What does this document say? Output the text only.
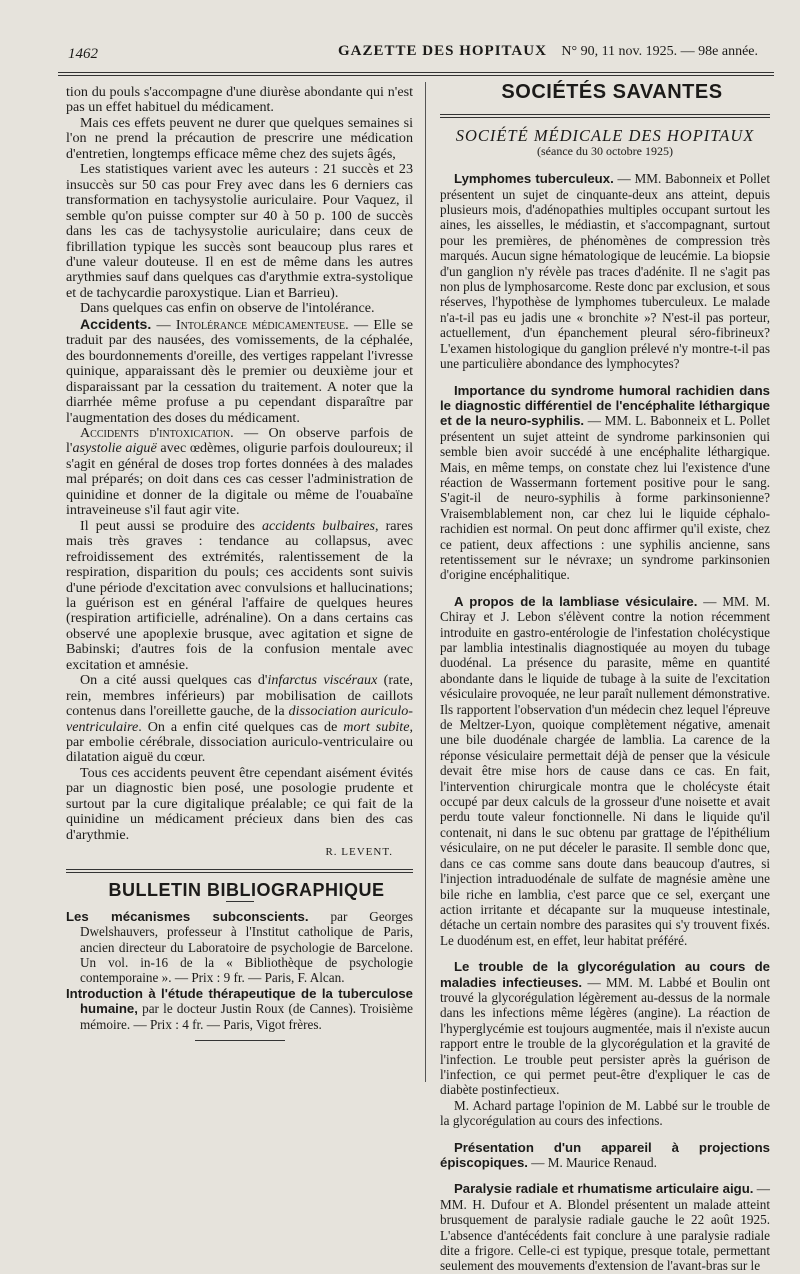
1462	GAZETTE DES HOPITAUX N° 90, 11 nov. 1925. — 98e année.

tion du pouls s'accompagne d'une diurèse abondante qui n'est pas un effet habituel du médicament.

Mais ces effets peuvent ne durer que quelques semaines si l'on ne prend la précaution de prescrire une médication d'entretien, longtemps efficace même chez des sujets âgés,

Les statistiques varient avec les auteurs : 21 succès et 23 insuccès sur 50 cas pour Frey avec dans les 6 derniers cas transformation en tachysystolie auriculaire. Pour Vaquez, il semble qu'on puisse compter sur 40 à 50 p. 100 de succès dans les cas de tachysystolie auriculaire; dans ceux de fibrillation typique les succès sont beaucoup plus rares et d'une valeur douteuse. Il en est de même dans les autres arythmies sauf dans quelques cas d'arythmie extra-systolique et de tachycardie paroxystique. Lian et Barrieu).

Dans quelques cas enfin on observe de l'intolérance.

Accidents. — Intolérance médicamenteuse. — Elle se traduit par des nausées, des vomissements, de la céphalée, des bourdonnements d'oreille, des vertiges rappelant l'ivresse quinique, apparaissant dès le premier ou deuxième jour et disparaissant par la cessation du traitement. A noter que la diarrhée même profuse a pu cependant disparaître par l'augmentation des doses du médicament.

Accidents d'intoxication. — On observe parfois de l'asystolie aiguë avec œdèmes, oligurie parfois douloureux; il s'agit en général de doses trop fortes données à des malades mal préparés; on doit dans ces cas cesser l'administration de quinidine et donner de la digitale ou même de l'ouabaïne intraveineuse s'il faut agir vite.

Il peut aussi se produire des accidents bulbaires, rares mais très graves : tendance au collapsus, avec refroidissement des extrémités, ralentissement de la respiration, disparition du pouls; ces accidents sont suivis d'une période d'excitation avec convulsions et hallucinations; la guérison est en général l'affaire de quelques heures (respiration artificielle, adrénaline). On a dans certains cas observé une apoplexie brusque, avec agitation et signe de Babinski; d'autres fois de la confusion mentale avec excitation et amnésie.

On a cité aussi quelques cas d'infarctus viscéraux (rate, rein, membres inférieurs) par mobilisation de caillots contenus dans l'oreillette gauche, de la dissociation auriculo-ventriculaire. On a enfin cité quelques cas de mort subite, par embolie cérébrale, dissociation auriculo-ventriculaire ou dilatation aiguë du cœur.

Tous ces accidents peuvent être cependant aisément évités par un diagnostic bien posé, une posologie prudente et surtout par la cure digitalique préalable; ce qui fait de la quinidine un médicament précieux dans bien des cas d'arythmie.

R. LEVENT.

BULLETIN BIBLIOGRAPHIQUE

Les mécanismes subconscients. par Georges Dwelshauvers, professeur à l'Institut catholique de Paris, ancien directeur du Laboratoire de psychologie de Barcelone. Un vol. in-16 de la « Bibliothèque de psychologie contemporaine ». — Prix : 9 fr. — Paris, F. Alcan.

Introduction à l'étude thérapeutique de la tuberculose humaine, par le docteur Justin Roux (de Cannes). Troisième mémoire. — Prix : 4 fr. — Paris, Vigot frères.

SOCIÉTÉS SAVANTES

SOCIÉTÉ MÉDICALE DES HOPITAUX

(séance du 30 octobre 1925)

Lymphomes tuberculeux. — MM. Babonneix et Pollet présentent un sujet de cinquante-deux ans atteint, depuis plusieurs mois, d'adénopathies multiples occupant surtout les aines, les aisselles, le médiastin, et s'accompagnant, surtout pour les premières, de phénomènes de compression très marqués. Aucun signe hématologique de leucémie. La biopsie d'un ganglion n'y révèle pas traces d'adénite. Il ne s'agit pas non plus de lymphosarcome. Reste donc par exclusion, et sous réserves, l'hypothèse de lymphomes tuberculeux. Le malade n'a-t-il pas eu jadis une « bronchite »? N'est-il pas porteur, actuellement, d'un épanchement pleural séro-fibrineux? L'examen histologique du ganglion prélevé n'y montre-t-il pas une particulière abondance des lymphocytes?

Importance du syndrome humoral rachidien dans le diagnostic différentiel de l'encéphalite léthargique et de la neuro-syphilis. — MM. L. Babonneix et L. Pollet présentent un sujet atteint de syndrome parkinsonien qui semble bien avoir succédé à une encéphalite léthargique. Mais, en même temps, on constate chez lui l'existence d'une réaction de Wassermann fortement positive pour le sang. S'agit-il de neuro-syphilis à forme parkinsonienne? Vraisemblablement non, car chez lui le liquide céphalo-rachidien est normal. On peut donc affirmer qu'il existe, chez ce patient, deux affections : une syphilis ancienne, sans retentissement sur le névraxe; un syndrome parkinsonien d'origine encéphalitique.

A propos de la lambliase vésiculaire. — MM. M. Chiray et J. Lebon s'élèvent contre la notion récemment introduite en gastro-entérologie de l'infestation cholécystique par lamblia intestinalis diagnostiquée au moyen du tubage duodénal. La présence du parasite, même en quantité abondante dans le liquide de tubage à la suite de l'excitation vésiculaire provoquée, ne leur paraît nullement démonstrative. Ils rapportent l'observation d'un médecin chez lequel l'épreuve de Meltzer-Lyon, quoique complètement négative, amenait une bile duodénale chargée de lamblia. La carence de la réponse vésiculaire permettait déjà de penser que la vésicule devait être mise hors de cause dans ce cas. En fait, l'intervention chirurgicale montra que le cholécyste était occupé par deux calculs de la grosseur d'une noisette et avait perdu toute valeur fonctionnelle. Ni dans le liquide qu'il contenait, ni dans le suc obtenu par grattage de l'épithélium vésiculaire, on ne put déceler le parasite. Il semble donc que, dans ce cas comme sans doute dans beaucoup d'autres, si l'injection intraduodénale de sulfate de magnésie amène une bile riche en lamblia, c'est parce que ce sel, exerçant une action irritante et décapante sur la muqueuse intestinale, détache un certain nombre des parasites qui s'y trouvent fixés. Le duodénum est, en effet, leur habitat préféré.

Le trouble de la glycorégulation au cours de maladies infectieuses. — MM. M. Labbé et Boulin ont trouvé la glycorégulation légèrement au-dessus de la normale dans les infections même légères (angine). La réaction de l'hyperglycémie est toujours augmentée, mais il n'existe aucun rapport entre le trouble de la glycorégulation et la gravité de l'infection. Le trouble peut persister après la guérison de l'infection, ce qui permet peut-être d'expliquer le cas de diabète postinfectieux.

M. Achard partage l'opinion de M. Labbé sur le trouble de la glycorégulation au cours des infections.

Présentation d'un appareil à projections épiscopiques. — M. Maurice Renaud.

Paralysie radiale et rhumatisme articulaire aigu. — MM. H. Dufour et A. Blondel présentent un malade atteint brusquement de paralysie radiale gauche le 22 août 1925. L'absence d'antécédents fait conclure à une paralysie radiale dite a frigore. Celle-ci est typique, presque totale, permettant seulement des mouvements d'extension de l'avant-bras sur le
